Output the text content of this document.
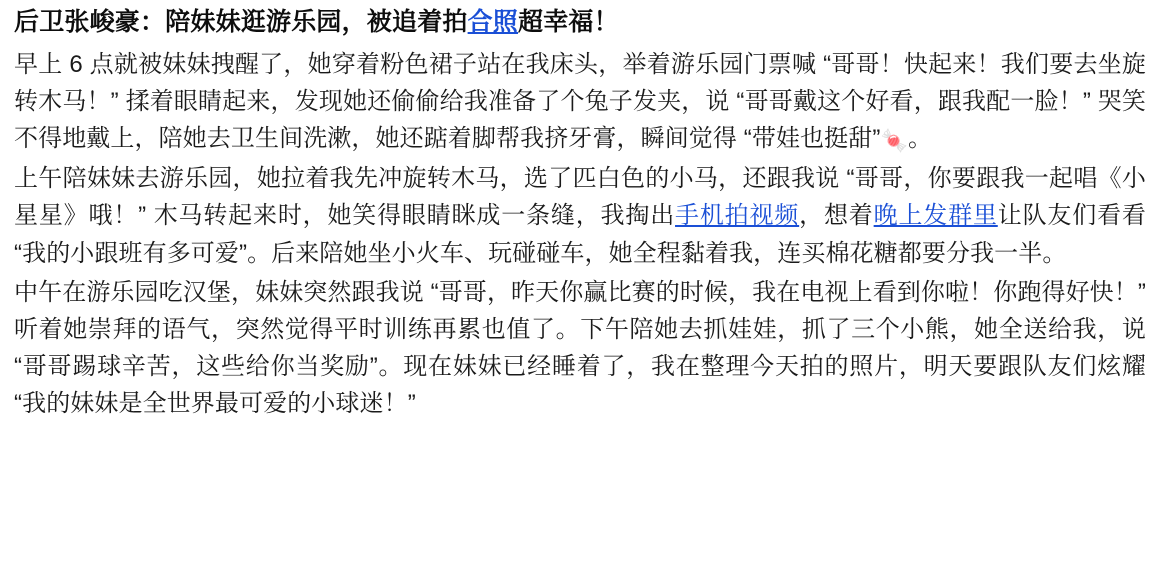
后卫张峻豪：陪妹妹逛游乐园，被追着拍合照超幸福！

早上 6 点就被妹妹拽醒了，她穿着粉色裙子站在我床头，举着游乐园门票喊 “哥哥！快起来！我们要去坐旋转木马！” 揉着眼睛起来，发现她还偷偷给我准备了个兔子发夹，说 “哥哥戴这个好看，跟我配一脸！” 哭笑不得地戴上，陪她去卫生间洗漱，她还踮着脚帮我挤牙膏，瞬间觉得 “带娃也挺甜”🍬。

上午陪妹妹去游乐园，她拉着我先冲旋转木马，选了匹白色的小马，还跟我说 “哥哥，你要跟我一起唱《小星星》哦！” 木马转起来时，她笑得眼睛眯成一条缝，我掏出手机拍视频，想着晚上发群里让队友们看看 “我的小跟班有多可爱”。后来陪她坐小火车、玩碰碰车，她全程黏着我，连买棉花糖都要分我一半。

中午在游乐园吃汉堡，妹妹突然跟我说 “哥哥，昨天你赢比赛的时候，我在电视上看到你啦！你跑得好快！” 听着她崇拜的语气，突然觉得平时训练再累也值了。下午陪她去抓娃娃，抓了三个小熊，她全送给我，说 “哥哥踢球辛苦，这些给你当奖励”。现在妹妹已经睡着了，我在整理今天拍的照片，明天要跟队友们炫耀 “我的妹妹是全世界最可爱的小球迷！”
